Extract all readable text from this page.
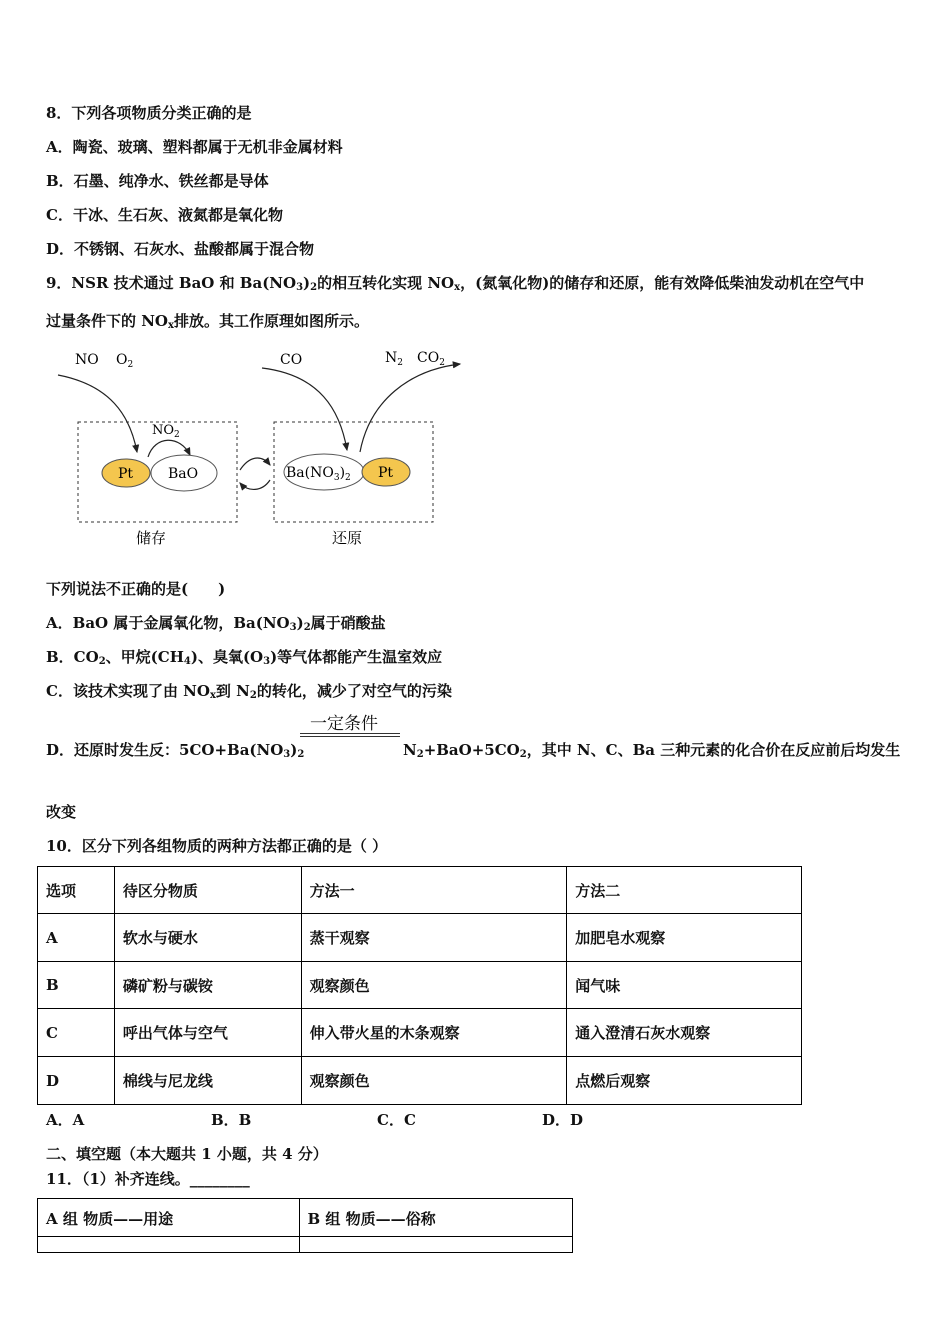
8．下列各项物质分类正确的是
A．陶瓷、玻璃、塑料都属于无机非金属材料
B．石墨、纯净水、铁丝都是导体
C．干冰、生石灰、液氮都是氧化物
D．不锈钢、石灰水、盐酸都属于混合物
9．NSR 技术通过 BaO 和 $Ba(NO_3)_2$的相互转化实现 $NO_x$，(氮氧化物)的储存和还原，能有效降低柴油发动机在空气中
过量条件下的 $NO_x$排放。其工作原理如图所示。
NO $O_2$
$NO_2$
Pt BaO
储存
CO	$N_2$ $CO_2$
$Ba(NO_3)_2$ Pt
还原
下列说法不正确的是(　　)
A．BaO 属于金属氧化物，$Ba(NO_3)_2$属于硝酸盐
B．$CO_2$、甲烷$(CH_4)$、臭氧$(O_3)$等气体都能产生温室效应
C．该技术实现了由 $NO_x$到 $N_2$的转化，减少了对空气的污染
一定条件
D．还原时发生反：$5CO+Ba(NO_3)_2$	$N_2+BaO+5CO_2$，其中 N、C、Ba 三种元素的化合价在反应前后均发生
改变
10．区分下列各组物质的两种方法都正确的是（ ）
选项	待区分物质	方法一	方法二
A	软水与硬水	蒸干观察	加肥皂水观察
B	磷矿粉与碳铵	观察颜色	闻气味
C	呼出气体与空气	伸入带火星的木条观察	通入澄清石灰水观察
D	棉线与尼龙线	观察颜色	点燃后观察
A．A	B．B	C．C	D．D
二、填空题（本大题共 1 小题，共 4 分）
11．（1）补齐连线。________
A 组 物质——用途	B 组 物质——俗称
